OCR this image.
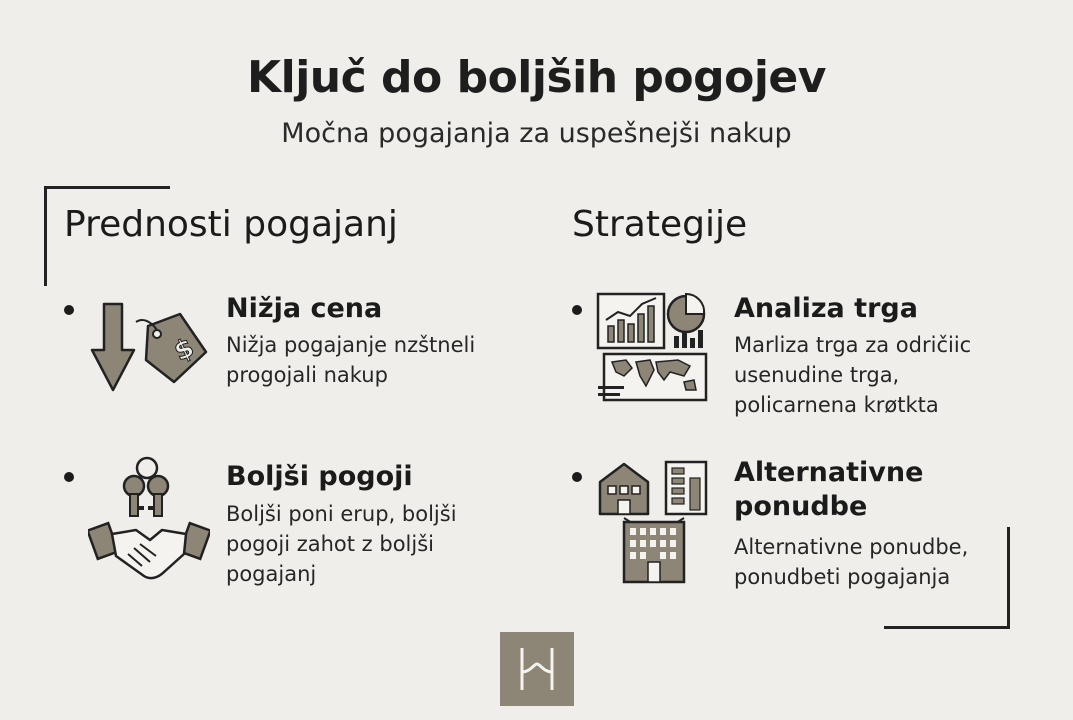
Ključ do boljših pogojev
Močna pogajanja za uspešnejši nakup
Prednosti pogajanj
$
Nižja cena
Nižja pogajanje nzštneli
progojali nakup
Boljši pogoji
Boljši poni erup, boljši
pogoji zahot z boljši
pogajanj
Strategije
Analiza trga
Marliza trga za odričiic
usenudine trga,
policarnena krøtkta
Alternativne
ponudbe
Alternativne ponudbe,
ponudbeti pogajanja
